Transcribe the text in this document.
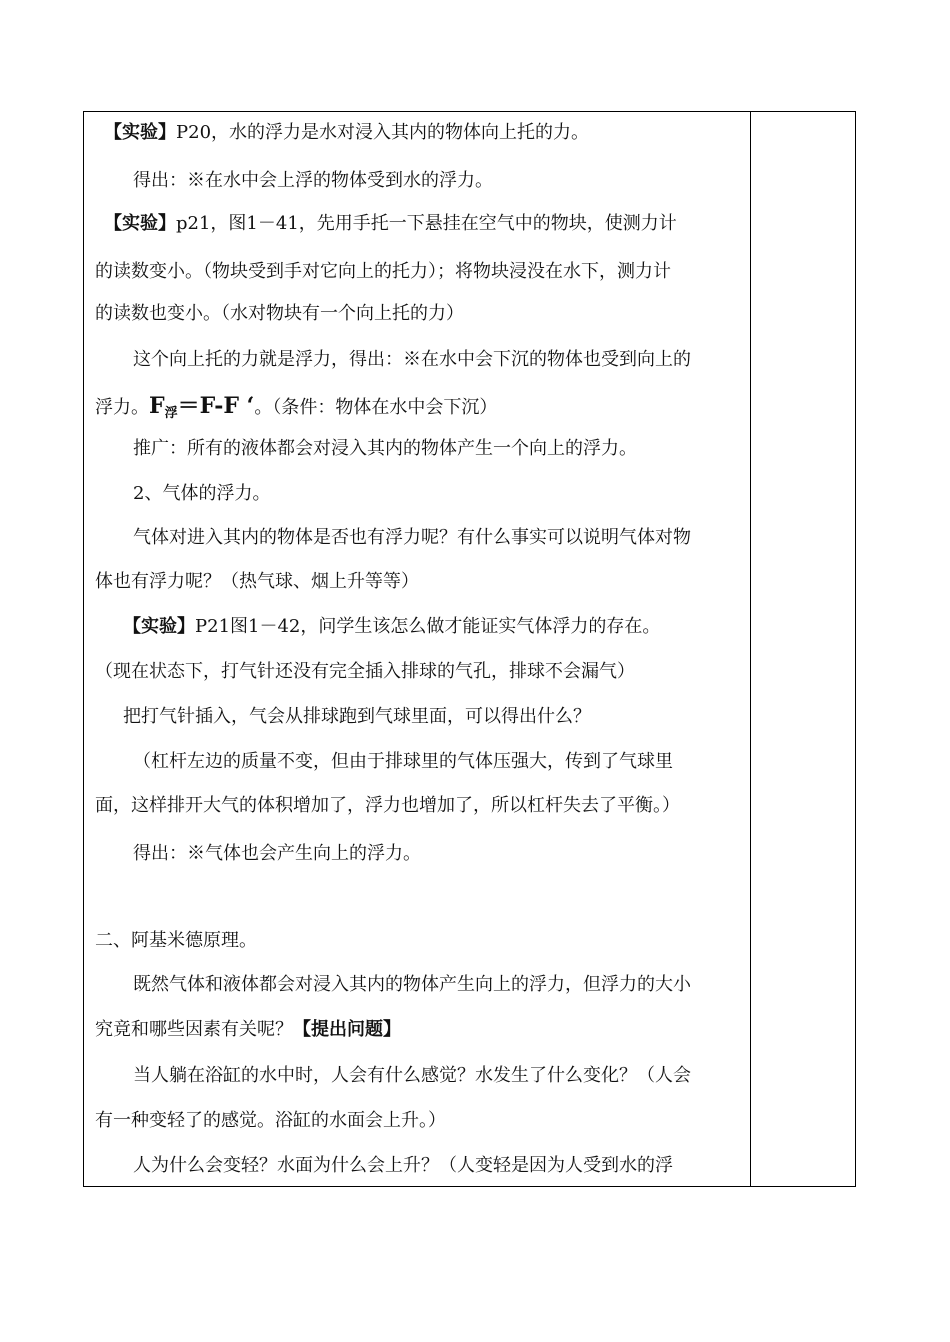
【实验】P20，水的浮力是水对浸入其内的物体向上托的力。
得出：※在水中会上浮的物体受到水的浮力。
【实验】p21，图1－41，先用手托一下悬挂在空气中的物块，使测力计
的读数变小。（物块受到手对它向上的托力）；将物块浸没在水下，测力计
的读数也变小。（水对物块有一个向上托的力）
这个向上托的力就是浮力，得出：※在水中会下沉的物体也受到向上的
浮力。$F_浮=F-F$ ‘。（条件：物体在水中会下沉）
推广：所有的液体都会对浸入其内的物体产生一个向上的浮力。
2、气体的浮力。
气体对进入其内的物体是否也有浮力呢？有什么事实可以说明气体对物
体也有浮力呢？（热气球、烟上升等等）
【实验】P21图1－42，问学生该怎么做才能证实气体浮力的存在。
（现在状态下，打气针还没有完全插入排球的气孔，排球不会漏气）
把打气针插入，气会从排球跑到气球里面，可以得出什么？
（杠杆左边的质量不变，但由于排球里的气体压强大，传到了气球里
面，这样排开大气的体积增加了，浮力也增加了，所以杠杆失去了平衡。）
得出：※气体也会产生向上的浮力。
二、阿基米德原理。
既然气体和液体都会对浸入其内的物体产生向上的浮力，但浮力的大小
究竟和哪些因素有关呢？【提出问题】
当人躺在浴缸的水中时，人会有什么感觉？水发生了什么变化？（人会
有一种变轻了的感觉。浴缸的水面会上升。）
人为什么会变轻？水面为什么会上升？（人变轻是因为人受到水的浮
